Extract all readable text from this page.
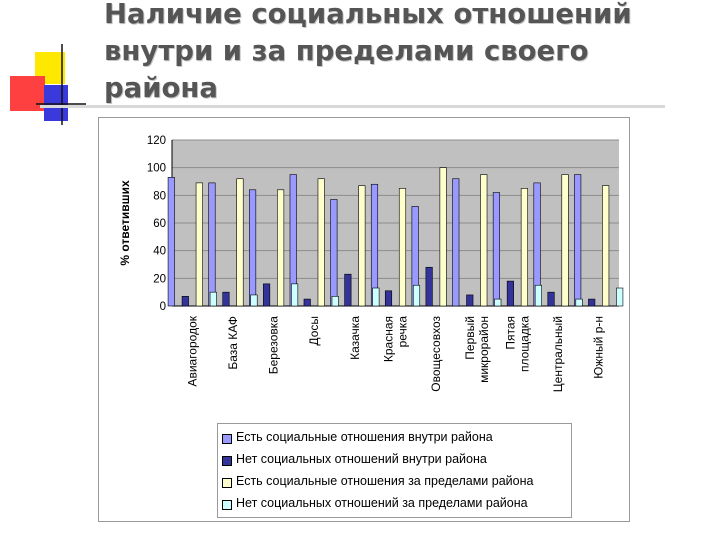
Наличие социальных отношений
внутри и за пределами своего
района
0
20
40
60
80
100
120
% ответивших
Авиагородок База КАФ Березовка Досы Казачка Красная речка Овощесовхоз Первый микрорайон Пятая площадка Центральный Южный р-н
Есть социальные отношения внутри района
Нет социальных отношений внутри района
Есть социальные отношения за пределами района
Нет социальных отношений за пределами района
